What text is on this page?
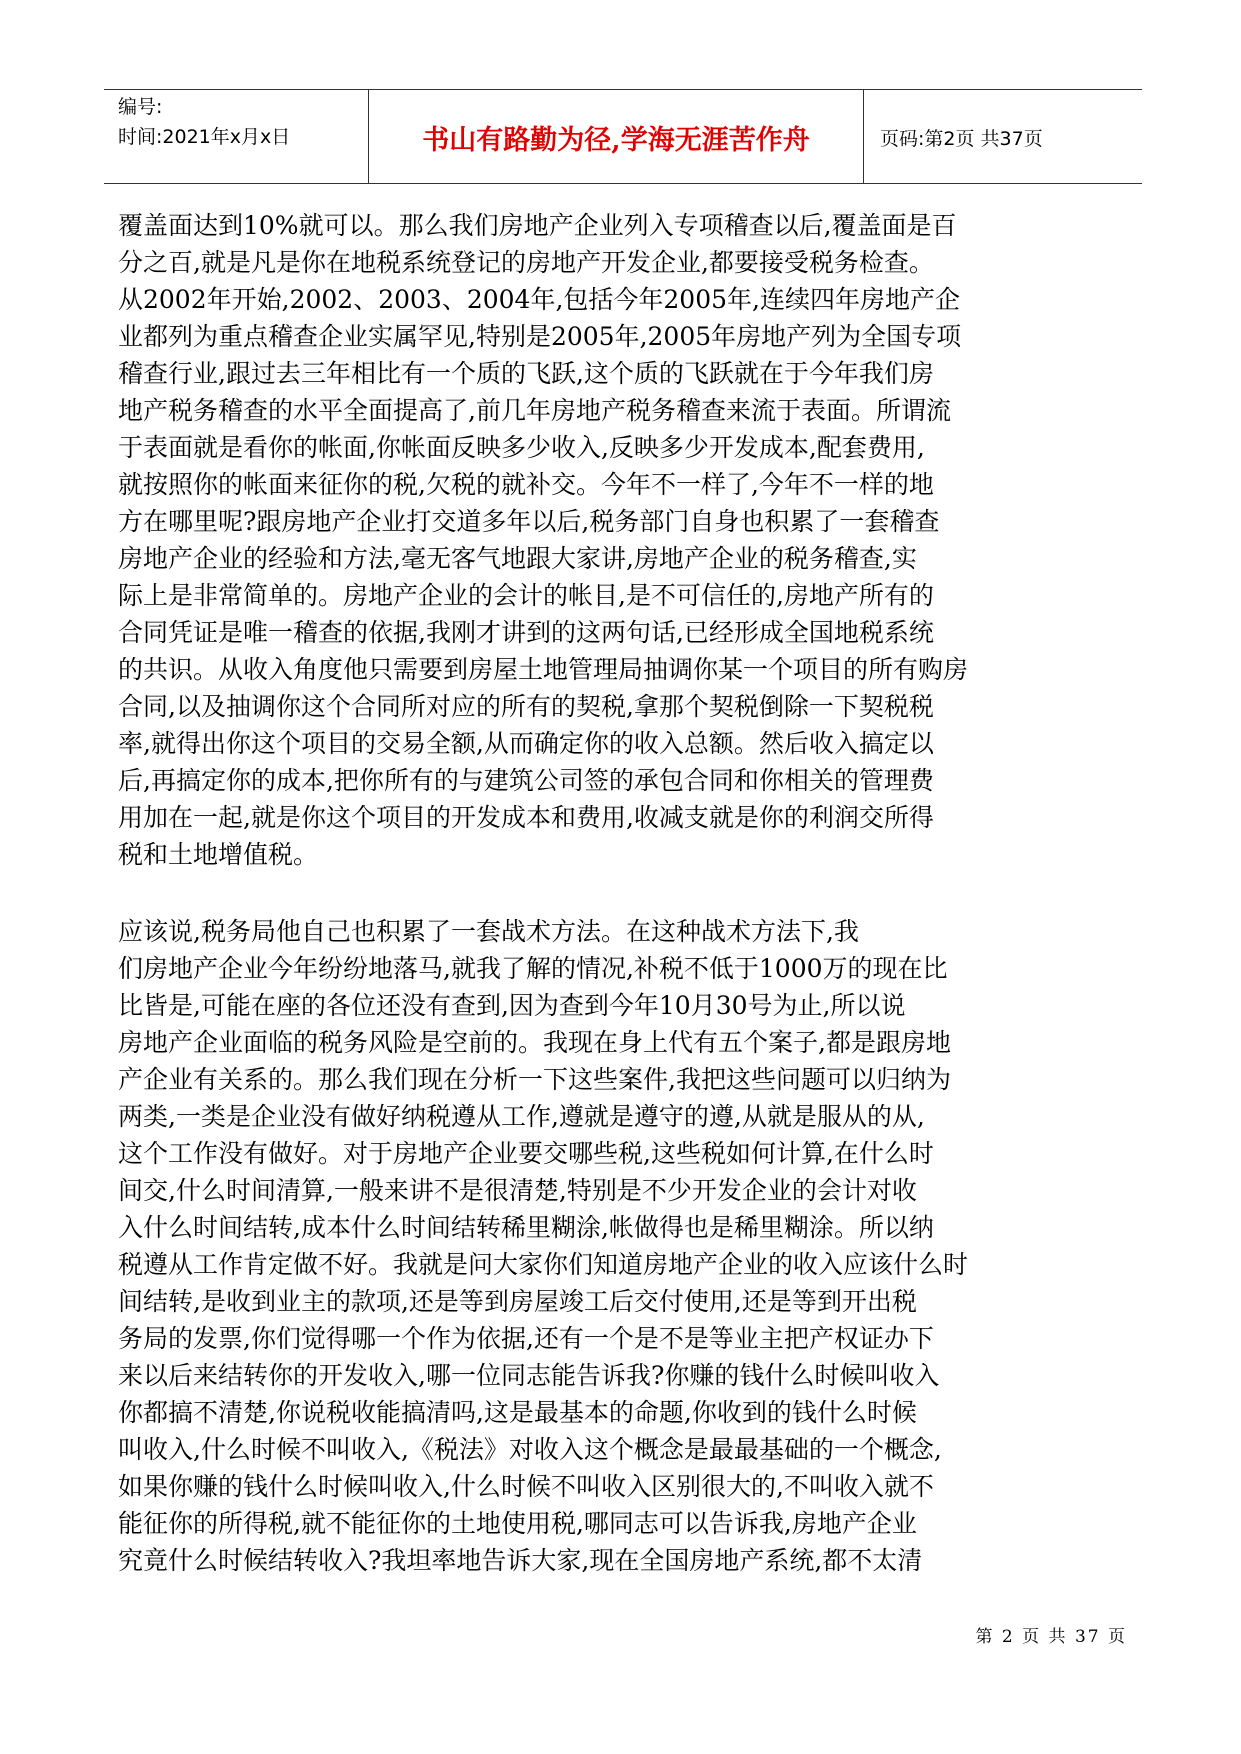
编号:
时间:2021年x月x日	书山有路勤为径,学海无涯苦作舟	页码:第2页 共37页
覆盖面达到10%就可以。那么我们房地产企业列入专项稽查以后,覆盖面是百
分之百,就是凡是你在地税系统登记的房地产开发企业,都要接受税务检查。
从2002年开始,2002、2003、2004年,包括今年2005年,连续四年房地产企
业都列为重点稽查企业实属罕见,特别是2005年,2005年房地产列为全国专项
稽查行业,跟过去三年相比有一个质的飞跃,这个质的飞跃就在于今年我们房
地产税务稽查的水平全面提高了,前几年房地产税务稽查来流于表面。所谓流
于表面就是看你的帐面,你帐面反映多少收入,反映多少开发成本,配套费用,
就按照你的帐面来征你的税,欠税的就补交。今年不一样了,今年不一样的地
方在哪里呢?跟房地产企业打交道多年以后,税务部门自身也积累了一套稽查
房地产企业的经验和方法,毫无客气地跟大家讲,房地产企业的税务稽查,实
际上是非常简单的。房地产企业的会计的帐目,是不可信任的,房地产所有的
合同凭证是唯一稽查的依据,我刚才讲到的这两句话,已经形成全国地税系统
的共识。从收入角度他只需要到房屋土地管理局抽调你某一个项目的所有购房
合同,以及抽调你这个合同所对应的所有的契税,拿那个契税倒除一下契税税
率,就得出你这个项目的交易全额,从而确定你的收入总额。然后收入搞定以
后,再搞定你的成本,把你所有的与建筑公司签的承包合同和你相关的管理费
用加在一起,就是你这个项目的开发成本和费用,收减支就是你的利润交所得
税和土地增值税。
应该说,税务局他自己也积累了一套战术方法。在这种战术方法下,我
们房地产企业今年纷纷地落马,就我了解的情况,补税不低于1000万的现在比
比皆是,可能在座的各位还没有查到,因为查到今年10月30号为止,所以说
房地产企业面临的税务风险是空前的。我现在身上代有五个案子,都是跟房地
产企业有关系的。那么我们现在分析一下这些案件,我把这些问题可以归纳为
两类,一类是企业没有做好纳税遵从工作,遵就是遵守的遵,从就是服从的从,
这个工作没有做好。对于房地产企业要交哪些税,这些税如何计算,在什么时
间交,什么时间清算,一般来讲不是很清楚,特别是不少开发企业的会计对收
入什么时间结转,成本什么时间结转稀里糊涂,帐做得也是稀里糊涂。所以纳
税遵从工作肯定做不好。我就是问大家你们知道房地产企业的收入应该什么时
间结转,是收到业主的款项,还是等到房屋竣工后交付使用,还是等到开出税
务局的发票,你们觉得哪一个作为依据,还有一个是不是等业主把产权证办下
来以后来结转你的开发收入,哪一位同志能告诉我?你赚的钱什么时候叫收入
你都搞不清楚,你说税收能搞清吗,这是最基本的命题,你收到的钱什么时候
叫收入,什么时候不叫收入,《税法》对收入这个概念是最最基础的一个概念,
如果你赚的钱什么时候叫收入,什么时候不叫收入区别很大的,不叫收入就不
能征你的所得税,就不能征你的土地使用税,哪同志可以告诉我,房地产企业
究竟什么时候结转收入?我坦率地告诉大家,现在全国房地产系统,都不太清
第 2 页 共 37 页
